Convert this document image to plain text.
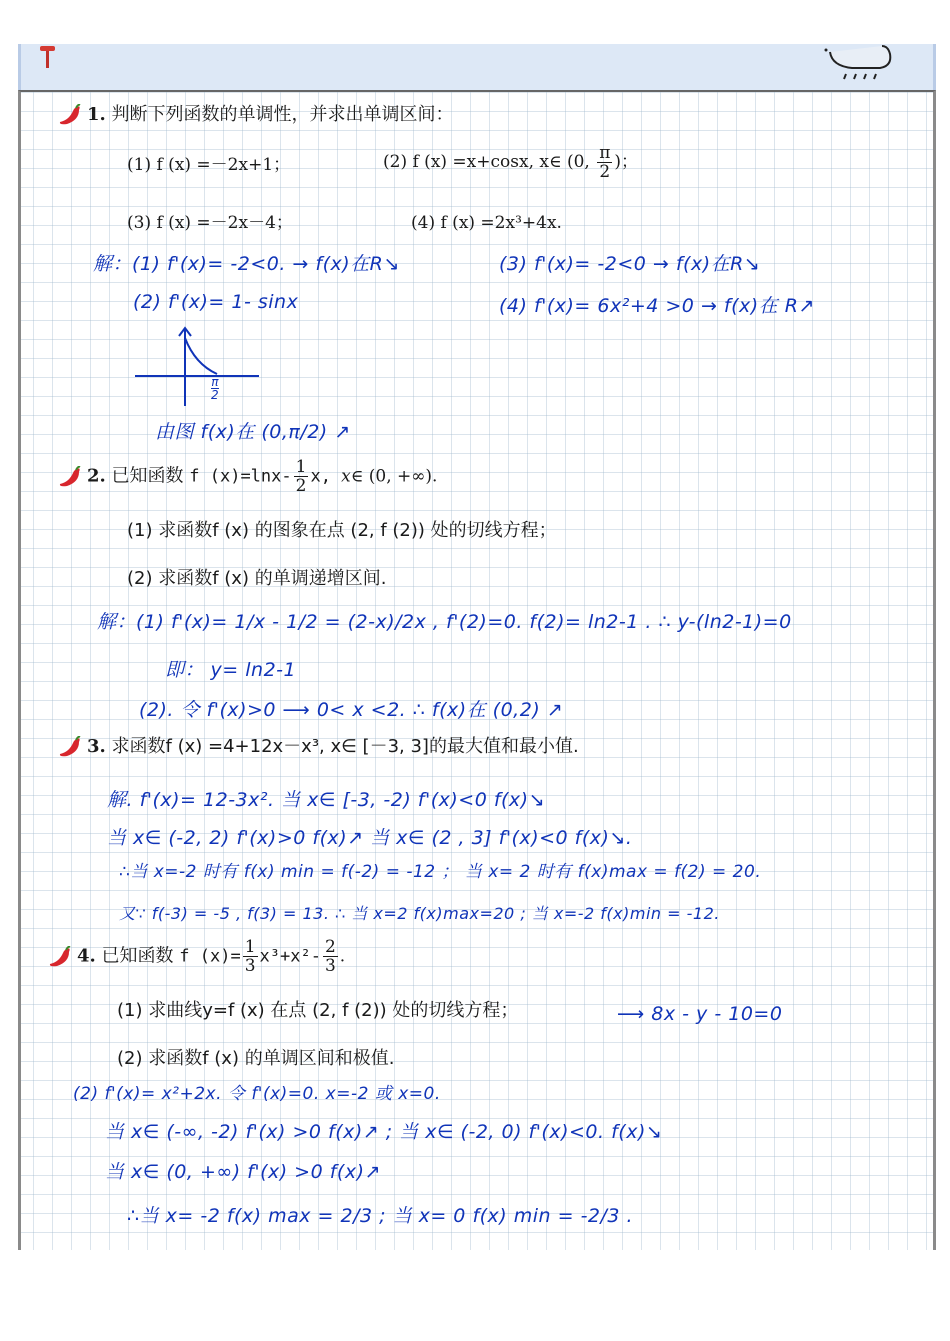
1. 判断下列函数的单调性，并求出单调区间：
(1) f (x) =－2x+1；	(2) f (x) =x+cosx, x∈ (0, $\frac{\pi}{2}$ )；
(3) f (x) =－2x－4；	(4) f (x) =2x³+4x.
解：(1) f'(x)= -2<0. → f(x)在R↘	(3) f'(x)= -2<0 → f(x)在R↘
(2) f'(x)= 1- sinx	(4) f'(x)= 6x²+4 >0 → f(x)在 R↗
π
2
由图 f(x)在 (0,π/2) ↗
2. 已知函数 f $(x)=\ln x- \frac{1}{2} x$, x∈ (0, +∞).
(1) 求函数f (x) 的图象在点 (2, f (2)) 处的切线方程；
(2) 求函数f (x) 的单调递增区间.
解：(1) f'(x)= 1/x - 1/2 = (2-x)/2x , f'(2)=0. f(2)= ln2-1 . ∴ y-(ln2-1)=0
即： y= ln2-1
(2). 令 f'(x)>0 ⟶ 0< x <2. ∴ f(x)在 (0,2) ↗
3. 求函数f (x) =4+12x－x³, x∈ [－3, 3]的最大值和最小值.
解. f'(x)= 12-3x². 当 x∈ [-3, -2) f'(x)<0 f(x)↘
当 x∈ (-2, 2) f'(x)>0 f(x)↗ 当 x∈ (2 , 3] f'(x)<0 f(x)↘.
∴当 x=-2 时有 f(x) min = f(-2) = -12 ； 当 x= 2 时有 f(x)max = f(2) = 20.
又∵ f(-3) = -5 , f(3) = 13. ∴ 当 x=2 f(x)max=20 ; 当 x=-2 f(x)min = -12.
4. 已知函数 f $(x)= \frac{1}{3} x^3+x^2- \frac{2}{3}$ .
(1) 求曲线y=f (x) 在点 (2, f (2)) 处的切线方程；	⟶ 8x - y - 10=0
(2) 求函数f (x) 的单调区间和极值.
(2) f'(x)= x²+2x. 令 f'(x)=0. x=-2 或 x=0.
当 x∈ (-∞, -2) f'(x) >0 f(x)↗ ; 当 x∈ (-2, 0) f'(x)<0. f(x)↘
当 x∈ (0, +∞) f'(x) >0 f(x)↗
∴当 x= -2 f(x) max = 2/3 ; 当 x= 0 f(x) min = -2/3 .
